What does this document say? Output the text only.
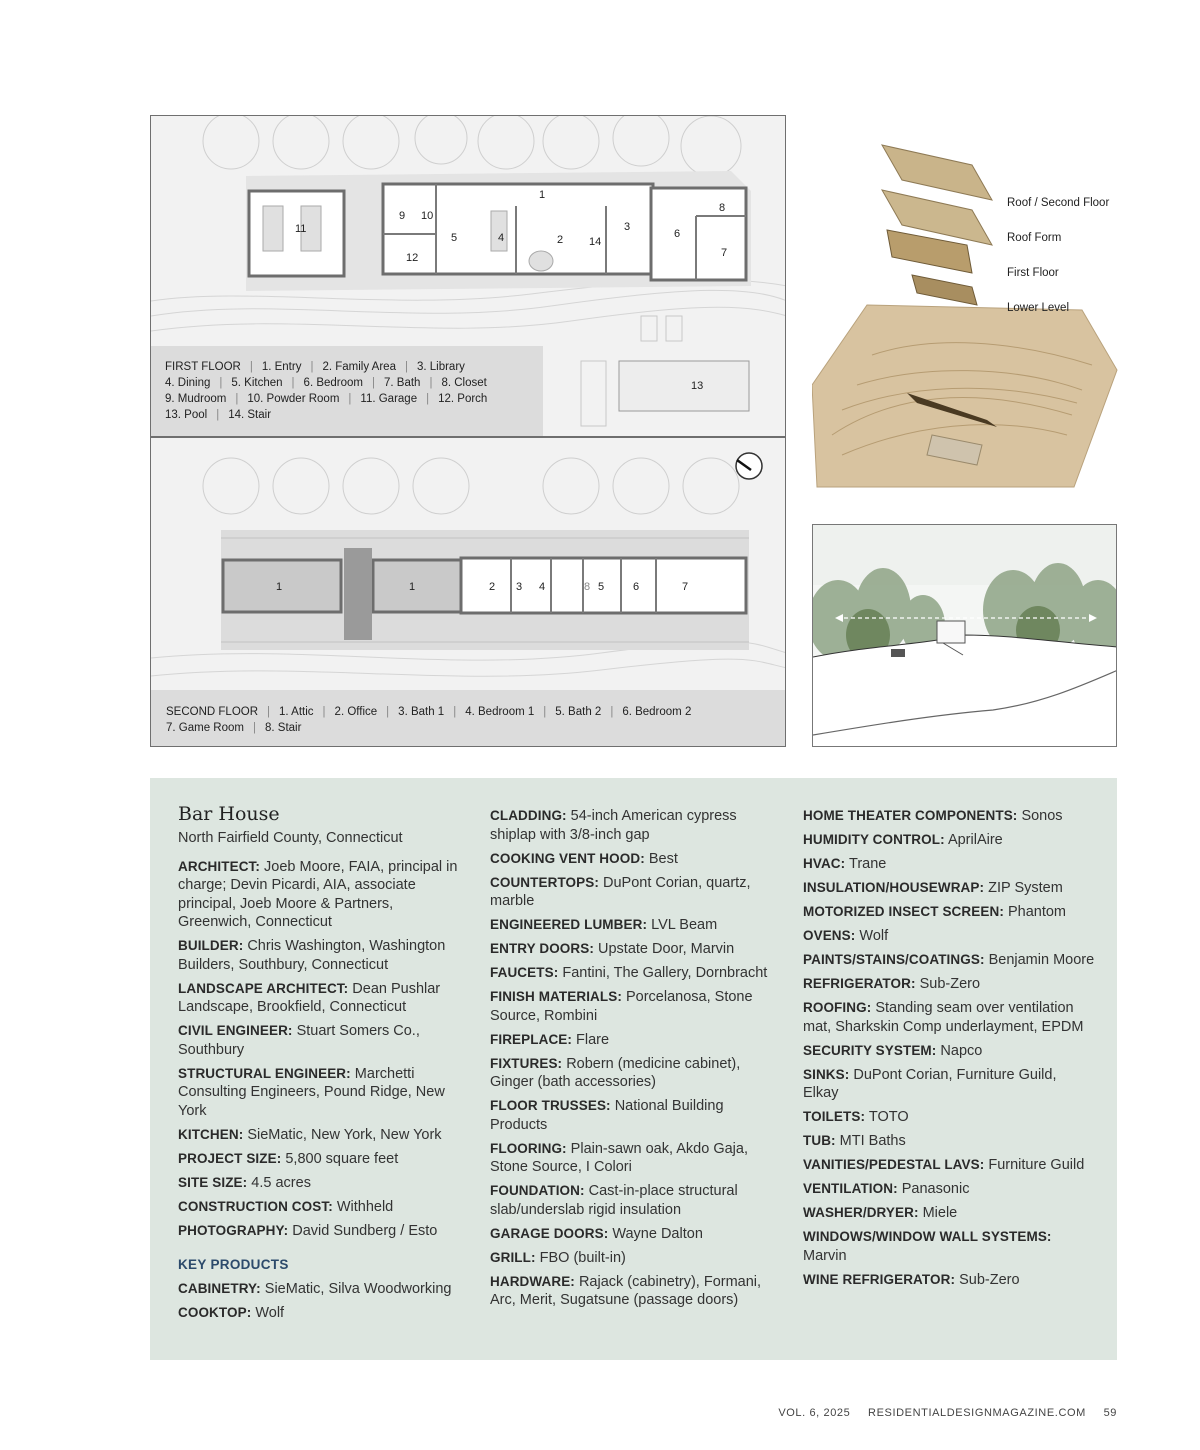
1
2
3
4
5	6
7
8
9 10
11
12
13
14
FIRST FLOOR | 1. Entry | 2. Family Area | 3. Library
4. Dining | 5. Kitchen | 6. Bedroom | 7. Bath | 8. Closet
9. Mudroom | 10. Powder Room | 11. Garage | 12. Porch
13. Pool | 14. Stair
1	1	2 3 4	8 5	6	7
SECOND FLOOR | 1. Attic | 2. Office | 3. Bath 1 | 4. Bedroom 1 | 5. Bath 2 | 6. Bedroom 2
7. Game Room | 8. Stair
Roof / Second Floor
Roof Form
First Floor
Lower Level
Bar House
North Fairfield County, Connecticut
ARCHITECT: Joeb Moore, FAIA, principal in charge; Devin Picardi, AIA, associate principal, Joeb Moore & Partners, Greenwich, Connecticut
BUILDER: Chris Washington, Washington Builders, Southbury, Connecticut
LANDSCAPE ARCHITECT: Dean Pushlar Landscape, Brookfield, Connecticut
CIVIL ENGINEER: Stuart Somers Co., Southbury
STRUCTURAL ENGINEER: Marchetti Consulting Engineers, Pound Ridge, New York
KITCHEN: SieMatic, New York, New York
PROJECT SIZE: 5,800 square feet
SITE SIZE: 4.5 acres
CONSTRUCTION COST: Withheld
PHOTOGRAPHY: David Sundberg / Esto
KEY PRODUCTS
CABINETRY: SieMatic, Silva Woodworking
COOKTOP: Wolf
CLADDING: 54-inch American cypress shiplap with 3/8-inch gap
COOKING VENT HOOD: Best
COUNTERTOPS: DuPont Corian, quartz, marble
ENGINEERED LUMBER: LVL Beam
ENTRY DOORS: Upstate Door, Marvin
FAUCETS: Fantini, The Gallery, Dornbracht
FINISH MATERIALS: Porcelanosa, Stone Source, Rombini
FIREPLACE: Flare
FIXTURES: Robern (medicine cabinet), Ginger (bath accessories)
FLOOR TRUSSES: National Building Products
FLOORING: Plain-sawn oak, Akdo Gaja, Stone Source, I Colori
FOUNDATION: Cast-in-place structural slab/underslab rigid insulation
GARAGE DOORS: Wayne Dalton
GRILL: FBO (built-in)
HARDWARE: Rajack (cabinetry), Formani, Arc, Merit, Sugatsune (passage doors)
HOME THEATER COMPONENTS: Sonos
HUMIDITY CONTROL: AprilAire
HVAC: Trane
INSULATION/HOUSEWRAP: ZIP System
MOTORIZED INSECT SCREEN: Phantom
OVENS: Wolf
PAINTS/STAINS/COATINGS: Benjamin Moore
REFRIGERATOR: Sub-Zero
ROOFING: Standing seam over ventilation mat, Sharkskin Comp underlayment, EPDM
SECURITY SYSTEM: Napco
SINKS: DuPont Corian, Furniture Guild, Elkay
TOILETS: TOTO
TUB: MTI Baths
VANITIES/PEDESTAL LAVS: Furniture Guild
VENTILATION: Panasonic
WASHER/DRYER: Miele
WINDOWS/WINDOW WALL SYSTEMS: Marvin
WINE REFRIGERATOR: Sub-Zero
VOL. 6, 2025 RESIDENTIALDESIGNMAGAZINE.COM 59
